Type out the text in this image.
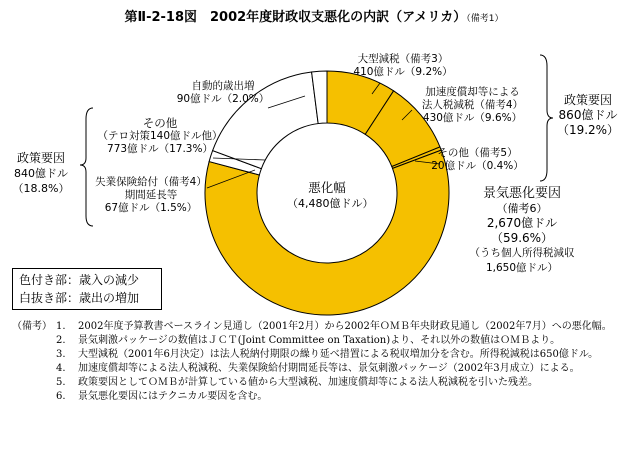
第Ⅱ-2-18図　2002年度財政収支悪化の内訳（アメリカ）（備考1）
悪化幅
（4,480億ドル）
大型減税（備考3）
410億ドル（9.2%）
加速度償却等による
法人税減税（備考4）
430億ドル（9.6%）
その他（備考5）
20億ドル（0.4%）
政策要因
860億ドル
（19.2%）
景気悪化要因
（備考6）
2,670億ドル
（59.6%）
（うち個人所得税減収
1,650億ドル）
自動的歳出増
90億ドル（2.0%）
その他
（テロ対策140億ドル他）
773億ドル（17.3%）
失業保険給付（備考4）
期間延長等
67億ドル（1.5%）
政策要因
840億ドル
（18.8%）
色付き部：歳入の減少
白抜き部：歳出の増加
（備考） 1.	2002年度予算教書ベースライン見通し（2001年2月）から2002年ＯＭＢ年央財政見通し（2002年7月）への悪化幅。
2.	景気刺激パッケージの数値はＪＣＴ(Joint Committee on Taxation)より、それ以外の数値はＯＭＢより。
3.	大型減税（2001年6月決定）は法人税納付期限の繰り延べ措置による税収増加分を含む。所得税減税は650億ドル。
4.	加速度償却等による法人税減税、失業保険給付期間延長等は、景気刺激パッケージ（2002年3月成立）による。
5.	政策要因としてＯＭＢが計算している値から大型減税、加速度償却等による法人税減税を引いた残差。
6.	景気悪化要因にはテクニカル要因を含む。
